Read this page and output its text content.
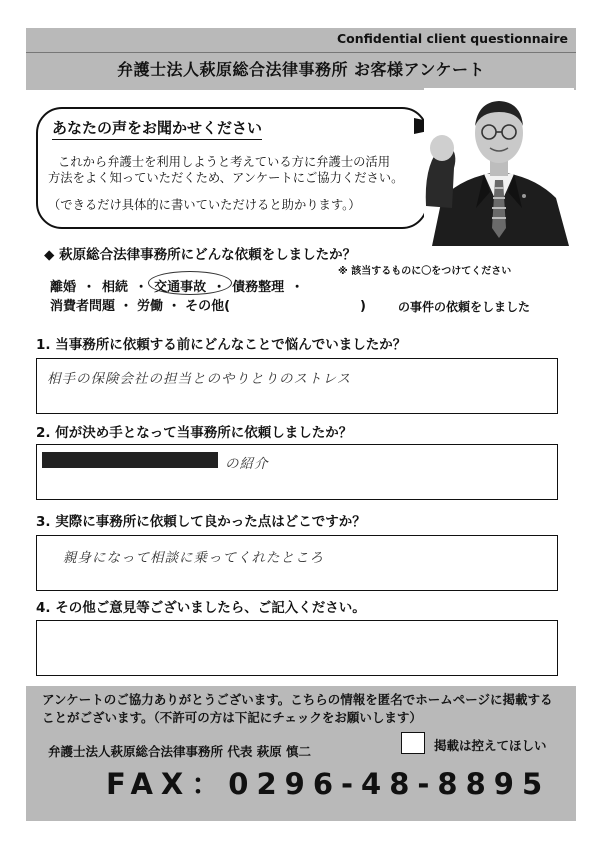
Confidential client questionnaire
弁護士法人萩原総合法律事務所 お客様アンケート
あなたの声をお聞かせください
これから弁護士を利用しようと考えている方に弁護士の活用
方法をよく知っていただくため、アンケートにご協力ください。
（できるだけ具体的に書いていただけると助かります。）
◆ 萩原総合法律事務所にどんな依頼をしましたか？
※ 該当するものに〇をつけてください
離婚 ・ 相続 ・ 交通事故 ・ 債務整理 ・
消費者問題 ・ 労働 ・ その他(　　　　　　　　　　)	の事件の依頼をしました
1. 当事務所に依頼する前にどんなことで悩んでいましたか？
相手の保険会社の担当とのやりとりのストレス
2. 何が決め手となって当事務所に依頼しましたか？
の紹介
3. 実際に事務所に依頼して良かった点はどこですか？
親身になって相談に乗ってくれたところ
4. その他ご意見等ございましたら、ご記入ください。
アンケートのご協力ありがとうございます。こちらの情報を匿名でホームページに掲載する
ことがございます。（不許可の方は下記にチェックをお願いします）
弁護士法人萩原総合法律事務所 代表 萩原 慎二	掲載は控えてほしい
FAX：0296-48-8895
